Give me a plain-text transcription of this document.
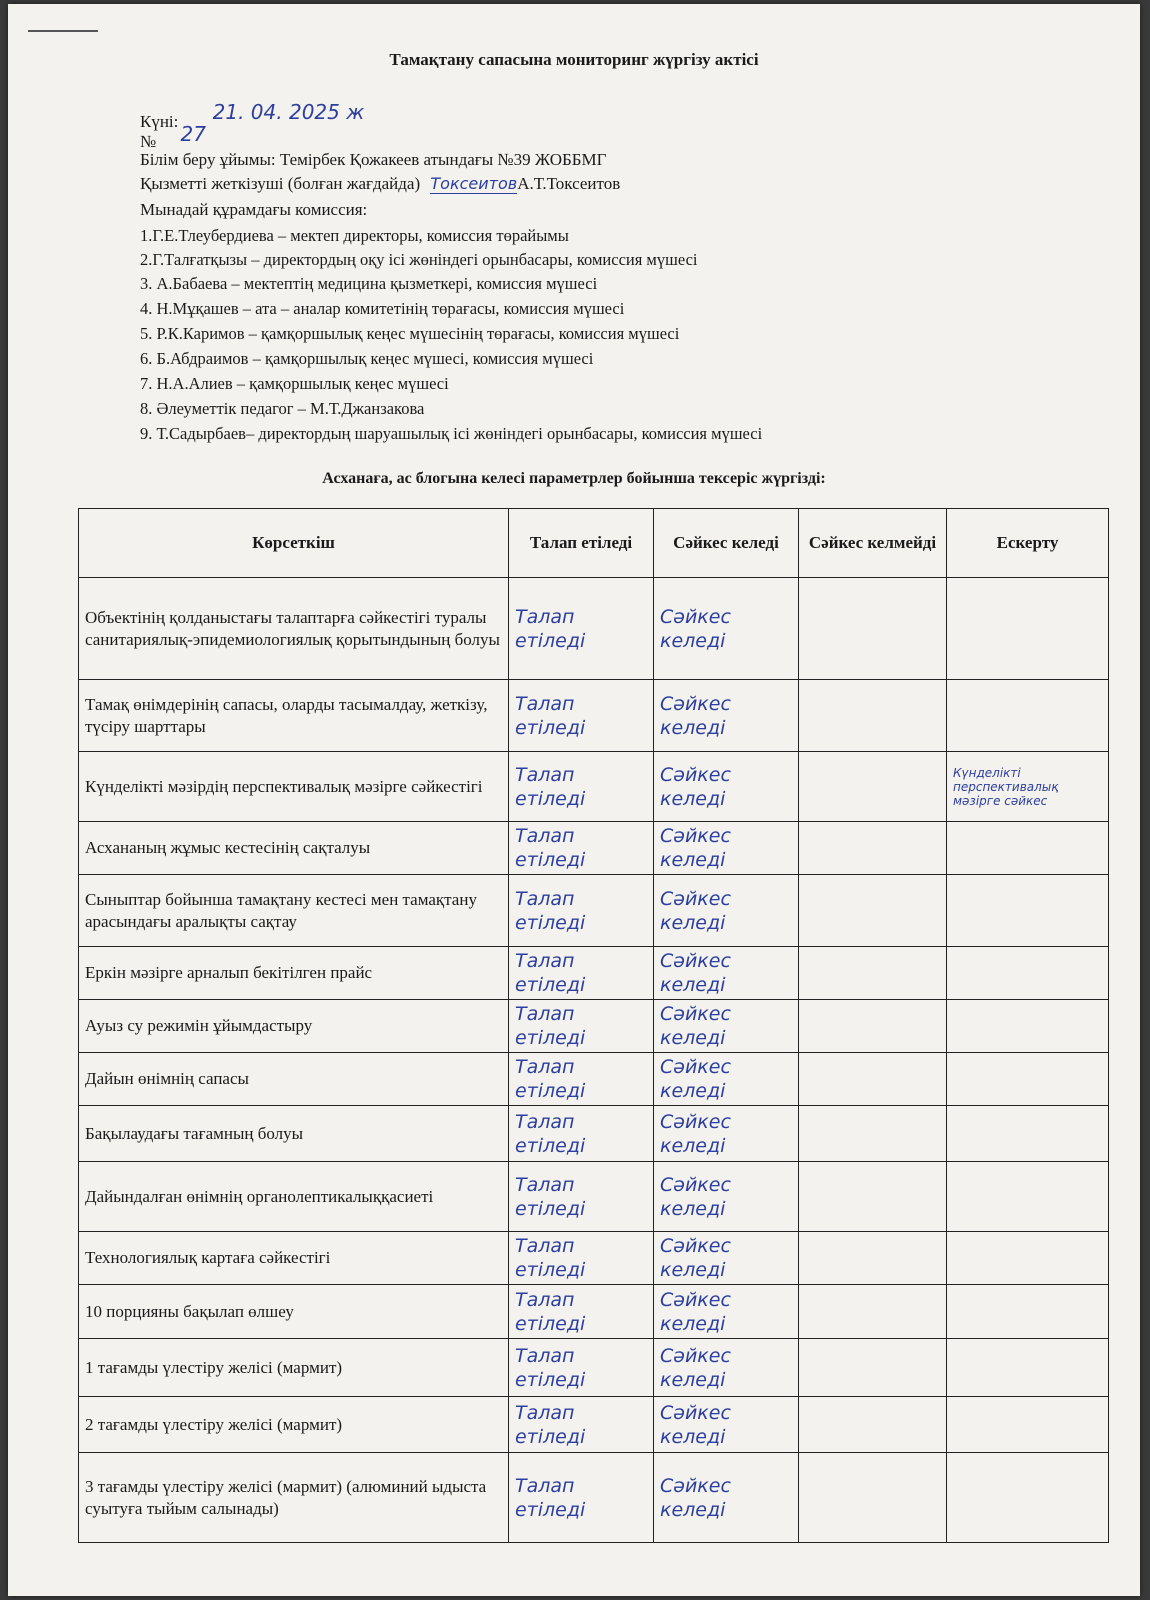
Тамақтану сапасына мониторинг жүргізу актісі
Күні: 21. 04. 2025 ж
№ 27
Білім беру ұйымы: Темірбек Қожакеев атындағы №39 ЖОББМГ
Қызметті жеткізуші (болған жағдайда) ТоксеитовА.Т.Токсеитов
Мынадай құрамдағы комиссия:
1.Г.Е.Тлеубердиева – мектеп директоры, комиссия төрайымы
2.Г.Талғатқызы – директордың оқу ісі жөніндегі орынбасары, комиссия мүшесі
3. А.Бабаева – мектептің медицина қызметкері, комиссия мүшесі
4. Н.Мұқашев – ата – аналар комитетінің төрағасы, комиссия мүшесі
5. Р.К.Каримов – қамқоршылық кеңес мүшесінің төрағасы, комиссия мүшесі
6. Б.Абдраимов – қамқоршылық кеңес мүшесі, комиссия мүшесі
7. Н.А.Алиев – қамқоршылық кеңес мүшесі
8. Әлеуметтік педагог – М.Т.Джанзакова
9. Т.Садырбаев– директордың шаруашылық ісі жөніндегі орынбасары, комиссия мүшесі
Асханаға, ас блогына келесі параметрлер бойынша тексеріс жүргізді:
Көрсеткіш	Талап етіледі	Сәйкес келеді	Сәйкес келмейді	Ескерту
Объектінің қолданыстағы талаптарға сәйкестігі туралы санитариялық-эпидемиологиялық қорытындының болуы	Талап етіледі	Сәйкес келеді		
Тамақ өнімдерінің сапасы, оларды тасымалдау, жеткізу, түсіру шарттары	Талап етіледі	Сәйкес келеді		
Күнделікті мәзірдің перспективалық мәзірге сәйкестігі	Талап етіледі	Сәйкес келеді		Күнделікті перспективалық мәзірге сәйкес
Асхананың жұмыс кестесінің сақталуы	Талап етіледі	Сәйкес келеді		
Сыныптар бойынша тамақтану кестесі мен тамақтану арасындағы аралықты сақтау	Талап етіледі	Сәйкес келеді		
Еркін мәзірге арналып бекітілген прайс	Талап етіледі	Сәйкес келеді		
Ауыз су режимін ұйымдастыру	Талап етіледі	Сәйкес келеді		
Дайын өнімнің сапасы	Талап етіледі	Сәйкес келеді		
Бақылаудағы тағамның болуы	Талап етіледі	Сәйкес келеді		
Дайындалған өнімнің органолептикалыққасиеті	Талап етіледі	Сәйкес келеді		
Технологиялық картаға сәйкестігі	Талап етіледі	Сәйкес келеді		
10 порцияны бақылап өлшеу	Талап етіледі	Сәйкес келеді		
1 тағамды үлестіру желісі (мармит)	Талап етіледі	Сәйкес келеді		
2 тағамды үлестіру желісі (мармит)	Талап етіледі	Сәйкес келеді		
3 тағамды үлестіру желісі (мармит) (алюминий ыдыста суытуға тыйым салынады)	Талап етіледі	Сәйкес келеді		
